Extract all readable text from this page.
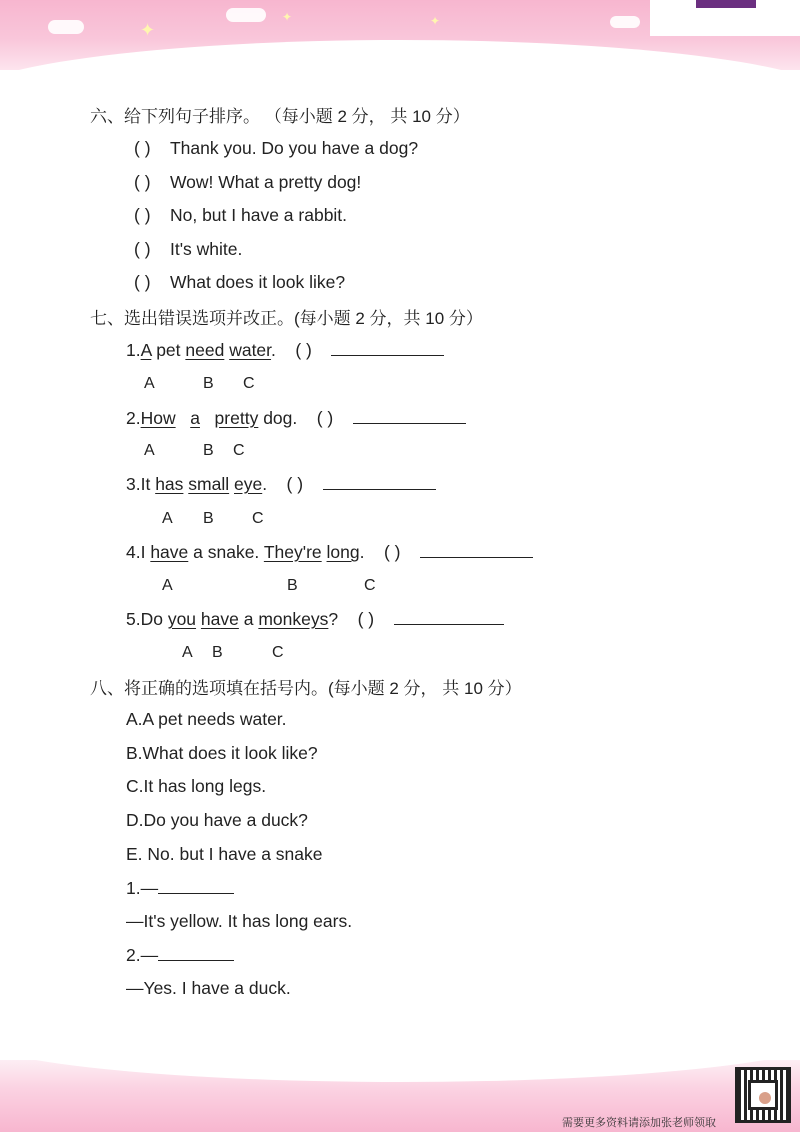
✦
✦	✦
六、给下列句子排序。 （每小题 2 分， 共 10 分）
( ) Thank you. Do you have a dog?
( ) Wow! What a pretty dog!
( ) No, but I have a rabbit.
( ) It's white.
( ) What does it look like?
七、选出错误选项并改正。(每小题 2 分，共 10 分）
1.A pet need water. ( )
A	B C
2.How a pretty dog. ( )
A	B C
3.It has small eye. ( )
A B C
4.I have a snake. They're long. ( )
A	B	C
5.Do you have a monkeys? ( )
A B	C
八、将正确的选项填在括号内。(每小题 2 分， 共 10 分）
A.A pet needs water.
B.What does it look like?
C.It has long legs.
D.Do you have a duck?
E. No. but I have a snake
1.—
—It's yellow. It has long ears.
2.—
—Yes. I have a duck.
需要更多资料请添加张老师领取
